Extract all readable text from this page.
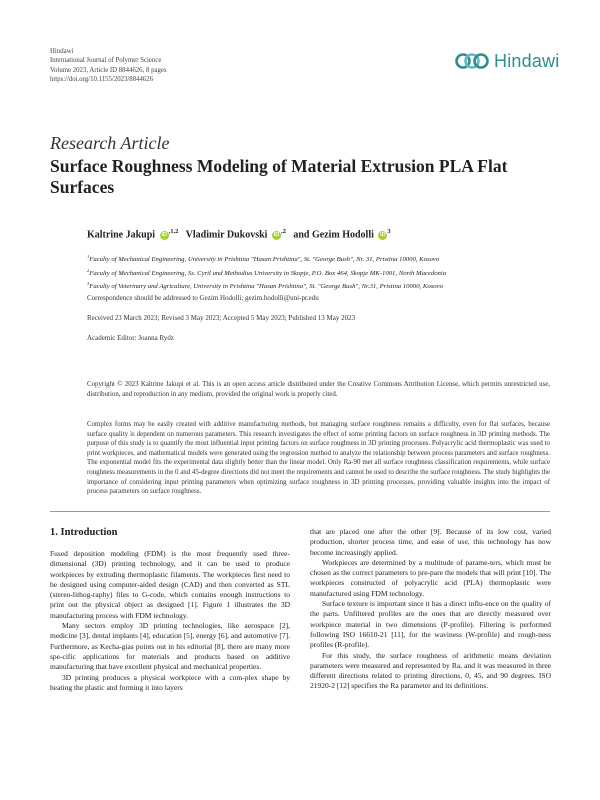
Hindawi
International Journal of Polymer Science
Volume 2023, Article ID 8844626, 8 pages
https://doi.org/10.1155/2023/8844626
Hindawi
Research Article
Surface Roughness Modeling of Material Extrusion PLA Flat Surfaces
Kaltrine Jakupi $iD^{,1,2}$ Vladimir Dukovski $iD^{,2}$ and Gezim Hodolli $iD^3$
$^1$Faculty of Mechanical Engineering, University in Prishtina "Hasan Prishtina", St. "George Bush", Nr. 31, Pristina 10000, Kosovo
$^2$Faculty of Mechanical Engineering, Ss. Cyril and Methodius University in Skopje, P.O. Box 464, Skopje MK-1001, North Macedonia
$^3$Faculty of Veterinary and Agriculture, University in Prishtina "Hasan Prishtina", St. "George Bush", Nr.31, Pristina 10000, Kosovo
Correspondence should be addressed to Gezim Hodolli; gezim.hodolli@uni-pr.edu
Received 23 March 2023; Revised 3 May 2023; Accepted 5 May 2023; Published 13 May 2023
Academic Editor: Joanna Rydz
Copyright © 2023 Kaltrine Jakupi et al. This is an open access article distributed under the Creative Commons Attribution License, which permits unrestricted use, distribution, and reproduction in any medium, provided the original work is properly cited.
Complex forms may be easily created with additive manufacturing methods, but managing surface roughness remains a difficulty, even for flat surfaces, because surface quality is dependent on numerous parameters. This research investigates the effect of some printing factors on surface roughness in 3D printing methods. The purpose of this study is to quantify the most influential input printing factors on surface roughness in 3D printing processes. Polyacrylic acid thermoplastic was used to print workpieces, and mathematical models were generated using the regression method to analyze the relationship between process parameters and surface roughness. The exponential model fits the experimental data slightly better than the linear model. Only Ra-90 met all surface roughness classification requirements, while surface roughness measurements in the 0 and 45-degree directions did not meet the requirements and cannot be used to describe the surface roughness. The study highlights the importance of considering input printing parameters when optimizing surface roughness in 3D printing processes, providing valuable insights into the impact of process parameters on surface roughness.
1. Introduction

Fused deposition modeling (FDM) is the most frequently used three-dimensional (3D) printing technology, and it can be used to produce workpieces by extruding thermoplastic filaments. The workpieces first need to be designed using computer-aided design (CAD) and then converted as STL (stereo-lithog-raphy) files to G-code, which contains enough instructions to print out the physical object as designed [1]. Figure 1 illustrates the 3D manufacturing process with FDM technology.

Many sectors employ 3D printing technologies, like aerospace [2], medicine [3], dental implants [4], education [5], energy [6], and automotive [7]. Furthermore, as Kecha-gias points out in his editorial [8], there are many more spe-cific applications for materials and products based on additive manufacturing that have excellent physical and mechanical properties.

3D printing produces a physical workpiece with a com-plex shape by heating the plastic and forming it into layers

that are placed one after the other [9]. Because of its low cost, varied production, shorter process time, and ease of use, this technology has now become increasingly applied.

Workpieces are determined by a multitude of parame-ters, which must be chosen as the correct parameters to pre-pare the models that will print [10]. The workpieces constructed of polyacrylic acid (PLA) thermoplastic were manufactured using FDM technology.

Surface texture is important since it has a direct influ-ence on the quality of the parts. Unfiltered profiles are the ones that are directly measured over workpiece material in two dimensions (P-profile). Filtering is performed following ISO 16610-21 [11], for the waviness (W-profile) and rough-ness profiles (R-profile).

For this study, the surface roughness of arithmetic means deviation parameters were measured and represented by Ra, and it was measured in three different directions related to printing directions, 0, 45, and 90 degrees. ISO 21920-2 [12] specifies the Ra parameter and its definitions.
